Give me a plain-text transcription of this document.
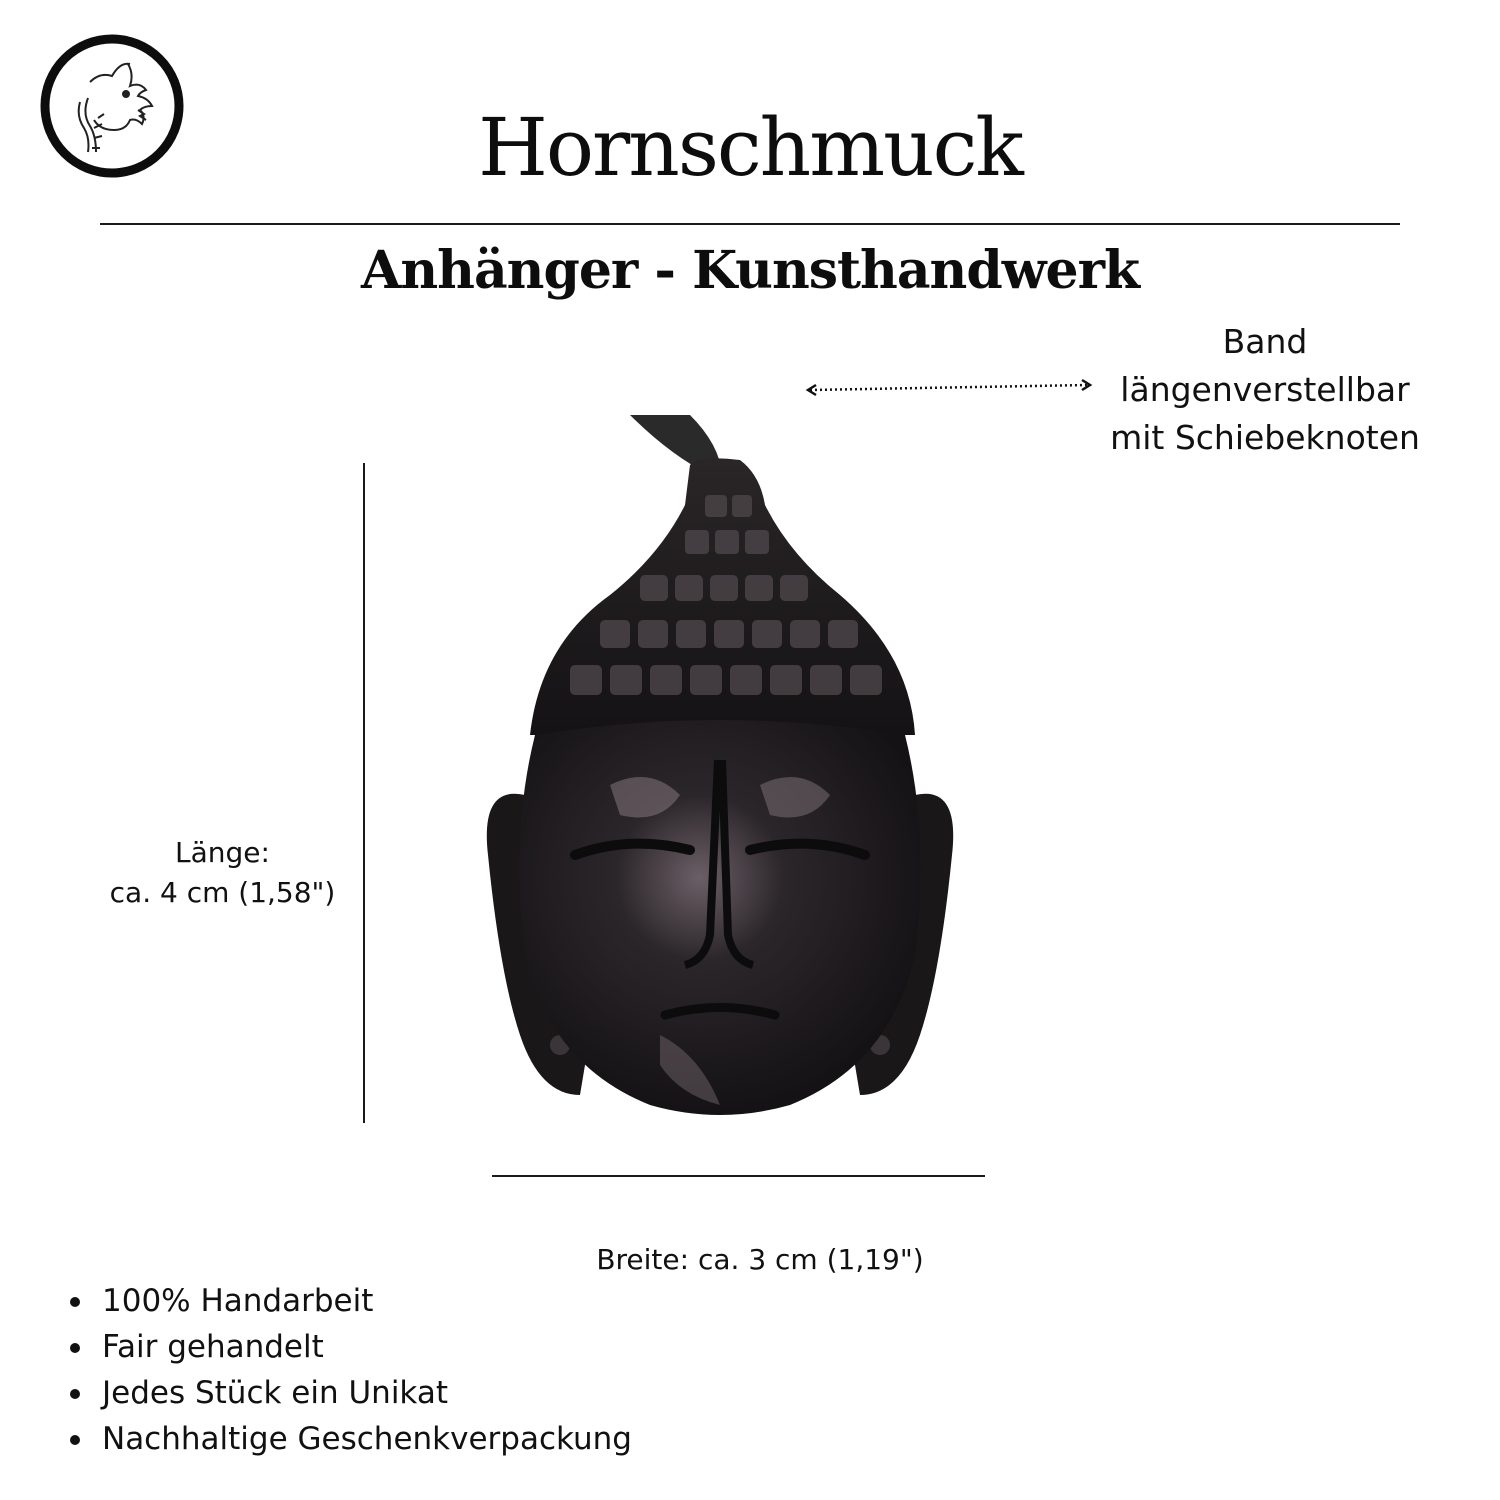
Hornschmuck
Anhänger - Kunsthandwerk
Band
längenverstellbar
mit Schiebeknoten
Länge:
ca. 4 cm (1,58")
Breite: ca. 3 cm (1,19")
100% Handarbeit
Fair gehandelt
Jedes Stück ein Unikat
Nachhaltige Geschenkverpackung
